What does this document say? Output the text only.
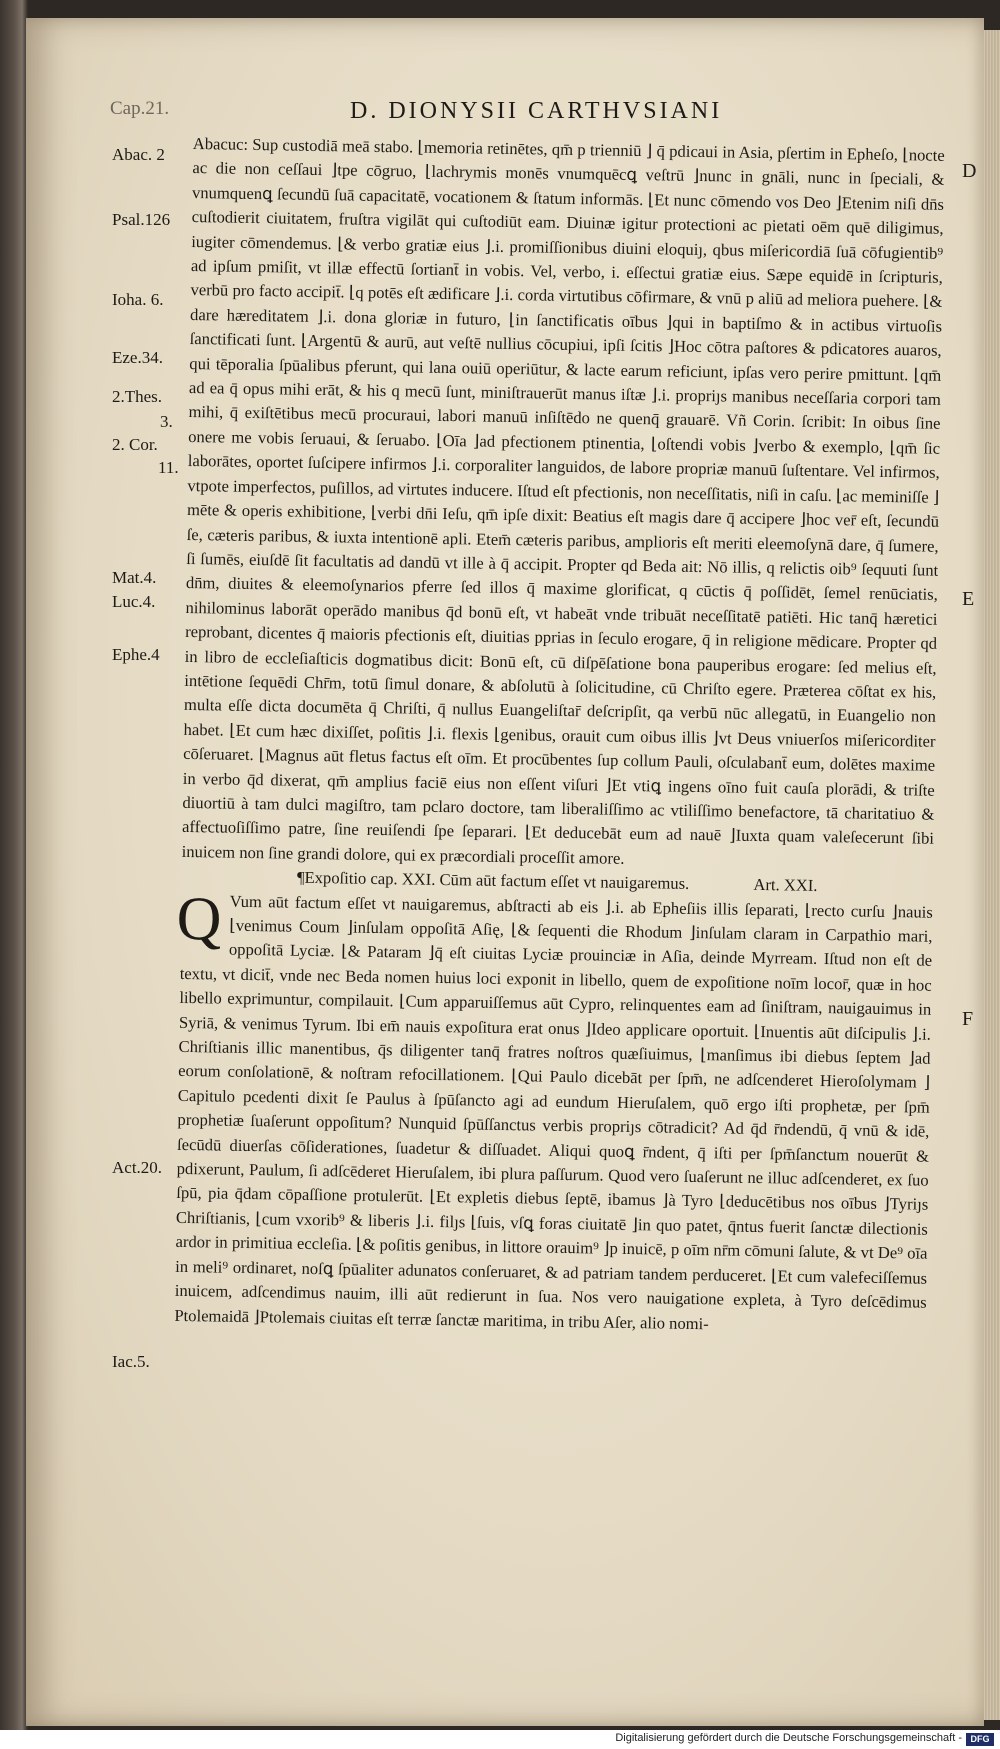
Cap.21.	D. DIONYSII CARTHVSIANI
Abac. 2
Psal.126
Ioha. 6.
Eze.34.
2.Thes.
3.
2. Cor.
11.
Mat.4.
Luc.4.
Ephe.4
Act.20.
Iac.5.
D
E
F

Abacuc: Sup custodiā meā stabo. ⌊memoria retinētes, qm̄ p trienniū ⌋ q̄ pdicaui in Asia, pſertim in Epheſo, ⌊nocte ac die non ceſſaui ⌋tpe cōgruo, ⌊lachrymis monēs vnumquēcꝗ veſtrū ⌋nunc in gnāli, nunc in ſpeciali, & vnumquenꝗ ſecundū ſuā capacitatē, vocationem & ſtatum informās. ⌊Et nunc cōmendo vos Deo ⌋Etenim niſi dn̄s cuſtodierit ciuitatem, fruſtra vigilāt qui cuſtodiūt eam. Diuinæ igitur protectioni ac pietati oēm quē diligimus, iugiter cōmendemus. ⌊& verbo gratiæ eius ⌋.i. promiſſionibus diuini eloquiȷ, qbus miſericordiā ſuā cōfugientib⁹ ad ipſum pmiſit, vt illæ effectū ſortiant̄ in vobis. Vel, verbo, i. eſſectui gratiæ eius. Sæpe equidē in ſcripturis, verbū pro facto accipit̄. ⌊q potēs eſt ædificare ⌋.i. corda virtutibus cōfirmare, & vnū p aliū ad meliora puehere. ⌊& dare hæreditatem ⌋.i. dona gloriæ in futuro, ⌊in ſanctificatis oībus ⌋qui in baptiſmo & in actibus virtuoſis ſanctificati ſunt. ⌊Argentū & aurū, aut veſtē nullius cōcupiui, ipſi ſcitis ⌋Hoc cōtra paſtores & pdicatores auaros, qui tēporalia ſpūalibus pferunt, qui lana ouiū operiūtur, & lacte earum reficiunt, ipſas vero perire pmittunt. ⌊qm̄ ad ea q̄ opus mihi erāt, & his q mecū ſunt, miniſtrauerūt manus iſtæ ⌋.i. propriȷs manibus neceſſaria corpori tam mihi, q̄ exiſtētibus mecū procuraui, labori manuū inſiſtēdo ne quenq̄ grauarē. Vñ Corin. ſcribit: In oibus ſine onere me vobis ſeruaui, & ſeruabo. ⌊Oīa ⌋ad pfectionem ptinentia, ⌊oſtendi vobis ⌋verbo & exemplo, ⌊qm̄ ſic laborātes, oportet ſuſcipere infirmos ⌋.i. corporaliter languidos, de labore propriæ manuū ſuſtentare. Vel infirmos, vtpote imperfectos, puſillos, ad virtutes inducere. Iſtud eſt pfectionis, non neceſſitatis, niſi in caſu. ⌊ac meminiſſe ⌋mēte & operis exhibitione, ⌊verbi dn̄i Ieſu, qm̄ ipſe dixit: Beatius eſt magis dare q̄ accipere ⌋hoc ver̄ eſt, ſecundū ſe, cæteris paribus, & iuxta intentionē apli. Etem̄ cæteris paribus, amplioris eſt meriti eleemoſynā dare, q̄ ſumere, ſi ſumēs, eiuſdē ſit facultatis ad dandū vt ille à q̄ accipit. Propter qd Beda ait: Nō illis, q relictis oib⁹ ſequuti ſunt dn̄m, diuites & eleemoſynarios pferre ſed illos q̄ maxime glorificat, q cūctis q̄ poſſidēt, ſemel renūciatis, nihilominus laborāt operādo manibus q̄d bonū eſt, vt habeāt vnde tribuāt neceſſitatē patiēti. Hic tanq̄ hæretici reprobant, dicentes q̄ maioris pfectionis eſt, diuitias pprias in ſeculo erogare, q̄ in religione mēdicare. Propter qd in libro de eccleſiaſticis dogmatibus dicit: Bonū eſt, cū diſpēſatione bona pauperibus erogare: ſed melius eſt, intētione ſequēdi Chr̄m, totū ſimul donare, & abſolutū à ſolicitudine, cū Chriſto egere. Præterea cōſtat ex his, multa eſſe dicta documēta q̄ Chriſti, q̄ nullus Euangeliſtar̄ deſcripſit, qa verbū nūc allegatū, in Euangelio non habet. ⌊Et cum hæc dixiſſet, poſitis ⌋.i. flexis ⌊genibus, orauit cum oibus illis ⌋vt Deus vniuerſos miſericorditer cōſeruaret. ⌊Magnus aūt fletus factus eſt oīm. Et procūbentes ſup collum Pauli, oſculabant̄ eum, dolētes maxime in verbo q̄d dixerat, qm̄ amplius faciē eius non eſſent viſuri ⌋Et vtiꝗ ingens oīno fuit cauſa plorādi, & triſte diuortiū à tam dulci magiſtro, tam pclaro doctore, tam liberaliſſimo ac vtiliſſimo benefactore, tā charitatiuo & affectuoſiſſimo patre, ſine reuiſendi ſpe ſeparari. ⌊Et deducebāt eum ad nauē ⌋Iuxta quam valeſecerunt ſibi inuicem non ſine grandi dolore, qui ex præcordiali proceſſit amore.

¶Expoſitio cap. XXI. Cūm aūt factum eſſet vt nauigaremus.	Art. XXI.

Q Vum aūt factum eſſet vt nauigaremus, abſtracti ab eis ⌋.i. ab Epheſiis illis ſeparati, ⌊recto curſu ⌋nauis ⌊venimus Coum ⌋inſulam oppoſitā Aſię, ⌊& ſequenti die Rhodum ⌋inſulam claram in Carpathio mari, oppoſitā Lyciæ. ⌊& Pataram ⌋q̄ eſt ciuitas Lyciæ prouinciæ in Aſia, deinde Myrream. Iſtud non eſt de textu, vt dicit̄, vnde nec Beda nomen huius loci exponit in libello, quem de expoſitione noīm locor̄, quæ in hoc libello exprimuntur, compilauit. ⌊Cum apparuiſſemus aūt Cypro, relinquentes eam ad ſiniſtram, nauigauimus in Syriā, & venimus Tyrum. Ibi em̄ nauis expoſitura erat onus ⌋Ideo applicare oportuit. ⌊Inuentis aūt diſcipulis ⌋.i. Chriſtianis illic manentibus, q̄s diligenter tanq̄ fratres noſtros quæſiuimus, ⌊manſimus ibi diebus ſeptem ⌋ad eorum conſolationē, & noſtram refocillationem. ⌊Qui Paulo dicebāt per ſpm̄, ne adſcenderet Hieroſolymam ⌋Capitulo pcedenti dixit ſe Paulus à ſpūſancto agi ad eundum Hieruſalem, quō ergo iſti prophetæ, per ſpm̄ prophetiæ ſuaſerunt oppoſitum? Nunquid ſpūſſanctus verbis propriȷs cōtradicit? Ad q̄d r̄ndendū, q̄ vnū & idē, ſecūdū diuerſas cōſiderationes, ſuadetur & diſſuadet. Aliqui quoꝗ r̄ndent, q̄ iſti per ſpm̄ſanctum nouerūt & pdixerunt, Paulum, ſi adſcēderet Hieruſalem, ibi plura paſſurum. Quod vero ſuaſerunt ne illuc adſcenderet, ex ſuo ſpū, pia q̄dam cōpaſſione protulerūt. ⌊Et expletis diebus ſeptē, ibamus ⌋à Tyro ⌊deducētibus nos oībus ⌋Tyriȷs Chriſtianis, ⌊cum vxorib⁹ & liberis ⌋.i. filȷs ⌊ſuis, vſꝗ foras ciuitatē ⌋in quo patet, q̄ntus fuerit ſanctæ dilectionis ardor in primitiua eccleſia. ⌊& poſitis genibus, in littore orauim⁹ ⌋p inuicē, p oīm nr̄m cōmuni ſalute, & vt De⁹ oīa in meli⁹ ordinaret, noſꝗ ſpūaliter adunatos conſeruaret, & ad patriam tandem perduceret. ⌊Et cum valefeciſſemus inuicem, adſcendimus nauim, illi aūt redierunt in ſua. Nos vero nauigatione expleta, à Tyro deſcēdimus Ptolemaidā ⌋Ptolemais ciuitas eſt terræ ſanctæ maritima, in tribu Aſer, alio nomi-

Digitalisierung gefördert durch die Deutsche Forschungsgemeinschaft - DFG
